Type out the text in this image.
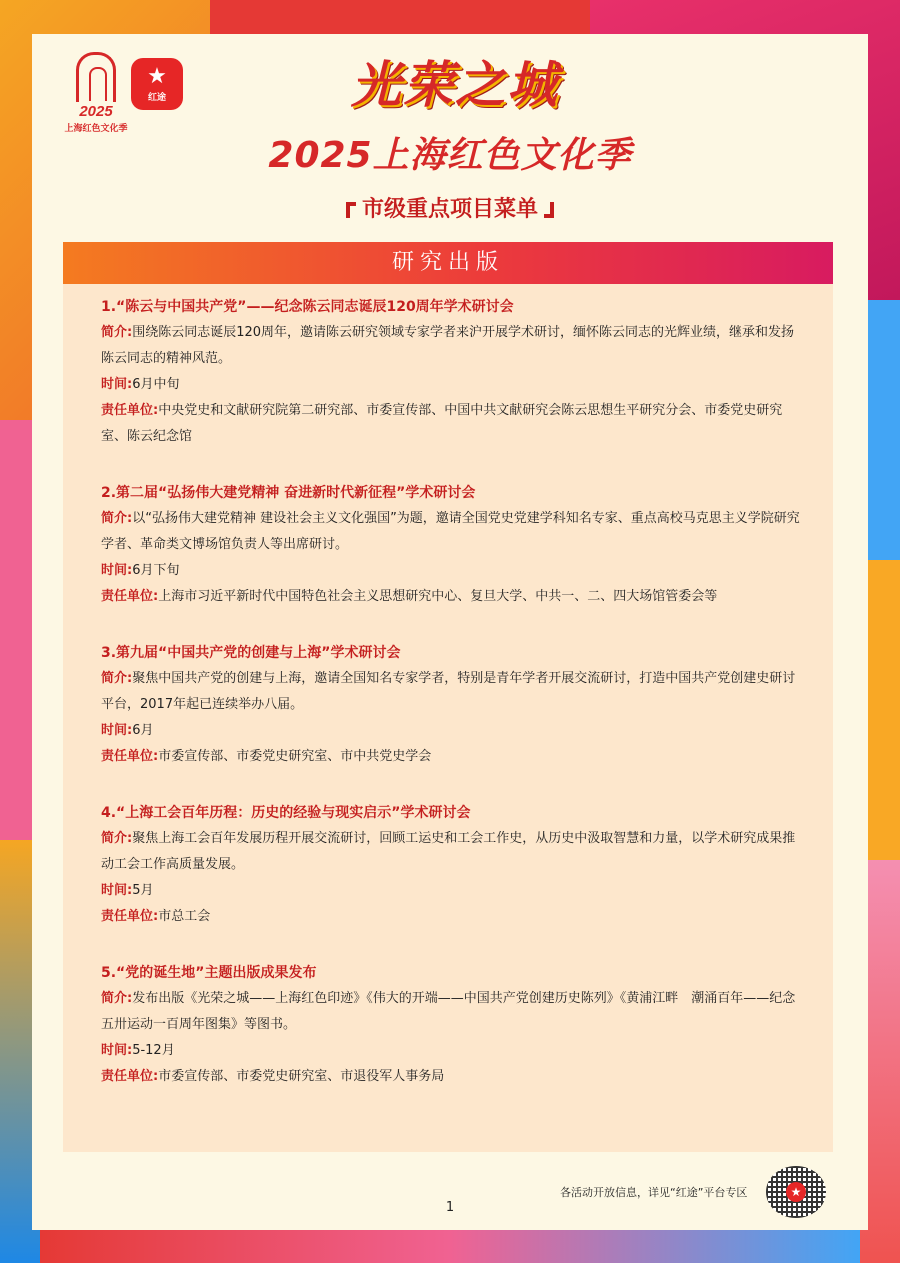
2025
上海红色文化季
★
红途	光荣之城
2025上海红色文化季
市级重点项目菜单
研究出版
1.“陈云与中国共产党”——纪念陈云同志诞辰120周年学术研讨会
简介:围绕陈云同志诞辰120周年，邀请陈云研究领域专家学者来沪开展学术研讨，缅怀陈云同志的光辉业绩，继承和发扬陈云同志的精神风范。
时间:6月中旬
责任单位:中央党史和文献研究院第二研究部、市委宣传部、中国中共文献研究会陈云思想生平研究分会、市委党史研究室、陈云纪念馆
2.第二届“弘扬伟大建党精神 奋进新时代新征程”学术研讨会
简介:以“弘扬伟大建党精神 建设社会主义文化强国”为题，邀请全国党史党建学科知名专家、重点高校马克思主义学院研究学者、革命类文博场馆负责人等出席研讨。
时间:6月下旬
责任单位:上海市习近平新时代中国特色社会主义思想研究中心、复旦大学、中共一、二、四大场馆管委会等
3.第九届“中国共产党的创建与上海”学术研讨会
简介:聚焦中国共产党的创建与上海，邀请全国知名专家学者，特别是青年学者开展交流研讨，打造中国共产党创建史研讨平台，2017年起已连续举办八届。
时间:6月
责任单位:市委宣传部、市委党史研究室、市中共党史学会
4.“上海工会百年历程：历史的经验与现实启示”学术研讨会
简介:聚焦上海工会百年发展历程开展交流研讨，回顾工运史和工会工作史，从历史中汲取智慧和力量，以学术研究成果推动工会工作高质量发展。
时间:5月
责任单位:市总工会
5.“党的诞生地”主题出版成果发布
简介:发布出版《光荣之城——上海红色印迹》《伟大的开端——中国共产党创建历史陈列》《黄浦江畔　潮涌百年——纪念五卅运动一百周年图集》等图书。
时间:5-12月
责任单位:市委宣传部、市委党史研究室、市退役军人事务局
各活动开放信息，详见“红途”平台专区
1
★
